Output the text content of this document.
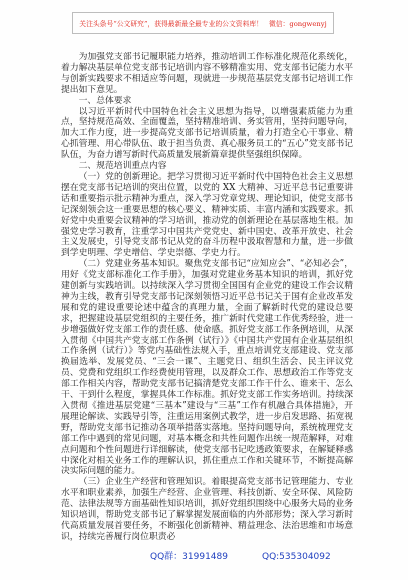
关注头条号“公文研究”，获得最新最全最专业的公文资料库！ 微信：gongwenyj

为加强党支部书记履职能力培养，推动培训工作标准化规范化系统化，着力解决基层单位党支部书记培训内容不够精准实用、党支部书记能力水平与创新实践要求不相适应等问题，现就进一步规范基层党支部书记培训工作提出如下意见。

一、总体要求

以习近平新时代中国特色社会主义思想为指导，以增强素质能力为重点，坚持规范高效、全面覆盖，坚持精准培训、务实管用，坚持问题导向，加大工作力度，进一步提高党支部书记培训质量，着力打造全心干事业、精心抓管理、用心带队伍、敢于担当负责、真心服务员工的“五心”党支部书记队伍，为奋力谱写新时代高质量发展新篇章提供坚强组织保障。

二、规范培训重点内容

（一）党的创新理论。把学习贯彻习近平新时代中国特色社会主义思想摆在党支部书记培训的突出位置，以党的 XX 大精神、习近平总书记重要讲话和重要指示批示精神为重点，深入学习党章党规、理论知识，使党支部书记深刻领会这一重要思想的核心要义、精神实质、丰富内涵和实践要求。抓好党中央重要会议精神的学习培训，推动党的创新理论在基层落地生根。加强党史学习教育，注重学习中国共产党党史、新中国史、改革开放史、社会主义发展史，引导党支部书记从党的奋斗历程中汲取智慧和力量，进一步做到学史明理、学史增信、学史崇德、学史力行。

（二）党建业务基本知识。聚焦党支部书记“应知应会”、“必知必会”，用好《党支部标准化工作手册》，加强对党建业务基本知识的培训，抓好党建创新与实践培训。以持续深入学习贯彻全国国有企业党的建设工作会议精神为主线，教育引导党支部书记深刻领悟习近平总书记关于国有企业改革发展和党的建设重要论述中蕴含的真理力量，全面了解新时代党的建设总要求，把握建设基层党组织的主要任务，推广新时代党建工作优秀经验，进一步增强做好党支部工作的责任感、使命感。抓好党支部工作条例培训，从深入贯彻《中国共产党支部工作条例（试行）》《中国共产党国有企业基层组织工作条例（试行）》等党内基础性法规入手，重点培训党支部建设、党支部换届选举、发展党员、“三会一课”、主题党日、组织生活会、民主评议党员、党费和党组织工作经费使用管理，以及群众工作、思想政治工作等党支部工作相关内容，帮助党支部书记搞清楚党支部工作干什么、谁来干、怎么干、干到什么程度，掌握具体工作标准。抓好党支部工作实务培训。持续深入贯彻《推进基层党建“三基本”建设与“三基”工作有机融合具体措施》，开展理论解读、实践导引等，注重运用案例式教学，进一步启发思路、拓宽视野，帮助党支部书记推动各项举措落实落地。坚持问题导向，系统梳理党支部工作中遇到的常见问题，对基本概念和共性问题作出统一规范解释，对难点问题和个性问题进行详细解读，使党支部书记吃透政策要求，在解疑释惑中深化对相关业务工作的理解认识，抓住重点工作和关键环节，不断提高解决实际问题的能力。

（三）企业生产经营和管理知识。着眼提高党支部书记管理能力、专业水平和职业素养，加强生产经营、企业管理、科技创新、安全环保、风险防范、法律法规等方面基础性知识培训，抓好党组织围绕中心服务大局的业务知识培训，帮助党支部书记了解掌握发展面临的内外部形势；深入学习新时代高质量发展首要任务，不断强化创新精神、精益理念、法治思维和市场意识，持续完善履行岗位职责必

QQ群：31991489	QQ:535304092
